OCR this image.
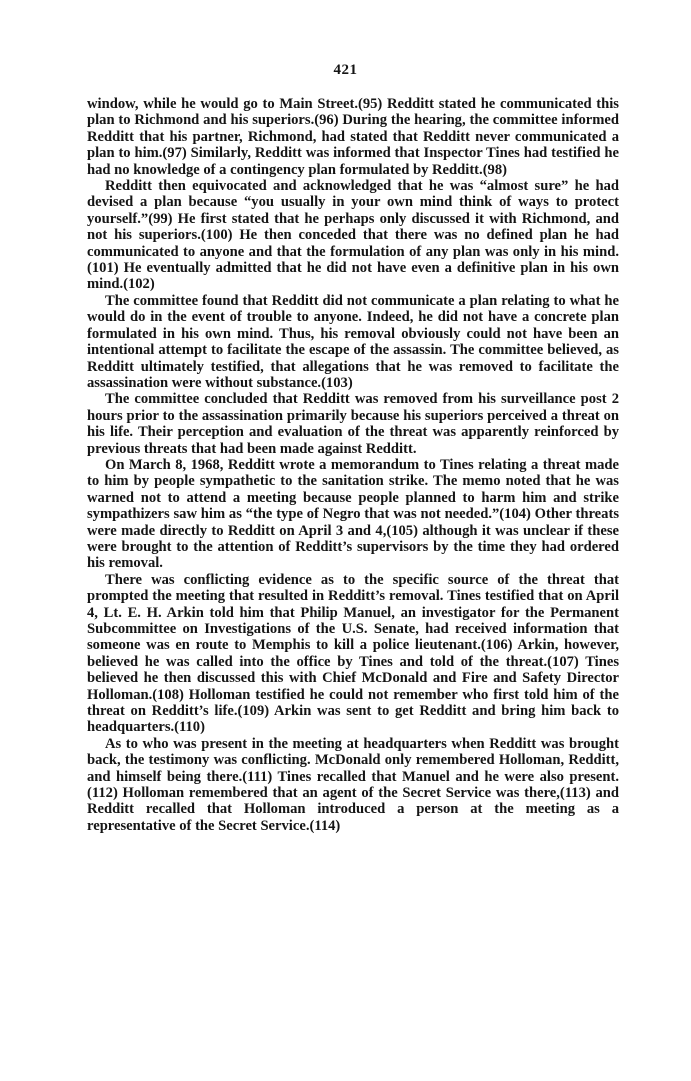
421

window, while he would go to Main Street.(95) Redditt stated he communicated this plan to Richmond and his superiors.(96) During the hearing, the committee informed Redditt that his partner, Richmond, had stated that Redditt never communicated a plan to him.(97) Similarly, Redditt was informed that Inspector Tines had testified he had no knowledge of a contingency plan formulated by Redditt.(98)

Redditt then equivocated and acknowledged that he was “almost sure” he had devised a plan because “you usually in your own mind think of ways to protect yourself.”(99) He first stated that he perhaps only discussed it with Richmond, and not his superiors.(100) He then conceded that there was no defined plan he had communicated to anyone and that the formulation of any plan was only in his mind.(101) He eventually admitted that he did not have even a definitive plan in his own mind.(102)

The committee found that Redditt did not communicate a plan relating to what he would do in the event of trouble to anyone. Indeed, he did not have a concrete plan formulated in his own mind. Thus, his removal obviously could not have been an intentional attempt to facilitate the escape of the assassin. The committee believed, as Redditt ultimately testified, that allegations that he was removed to facilitate the assassination were without substance.(103)

The committee concluded that Redditt was removed from his surveillance post 2 hours prior to the assassination primarily because his superiors perceived a threat on his life. Their perception and evaluation of the threat was apparently reinforced by previous threats that had been made against Redditt.

On March 8, 1968, Redditt wrote a memorandum to Tines relating a threat made to him by people sympathetic to the sanitation strike. The memo noted that he was warned not to attend a meeting because people planned to harm him and strike sympathizers saw him as “the type of Negro that was not needed.”(104) Other threats were made directly to Redditt on April 3 and 4,(105) although it was unclear if these were brought to the attention of Redditt’s supervisors by the time they had ordered his removal.

There was conflicting evidence as to the specific source of the threat that prompted the meeting that resulted in Redditt’s removal. Tines testified that on April 4, Lt. E. H. Arkin told him that Philip Manuel, an investigator for the Permanent Subcommittee on Investigations of the U.S. Senate, had received information that someone was en route to Memphis to kill a police lieutenant.(106) Arkin, however, believed he was called into the office by Tines and told of the threat.(107) Tines believed he then discussed this with Chief McDonald and Fire and Safety Director Holloman.(108) Holloman testified he could not remember who first told him of the threat on Redditt’s life.(109) Arkin was sent to get Redditt and bring him back to headquarters.(110)

As to who was present in the meeting at headquarters when Redditt was brought back, the testimony was conflicting. McDonald only remembered Holloman, Redditt, and himself being there.(111) Tines recalled that Manuel and he were also present.(112) Holloman remembered that an agent of the Secret Service was there,(113) and Redditt recalled that Holloman introduced a person at the meeting as a representative of the Secret Service.(114)
